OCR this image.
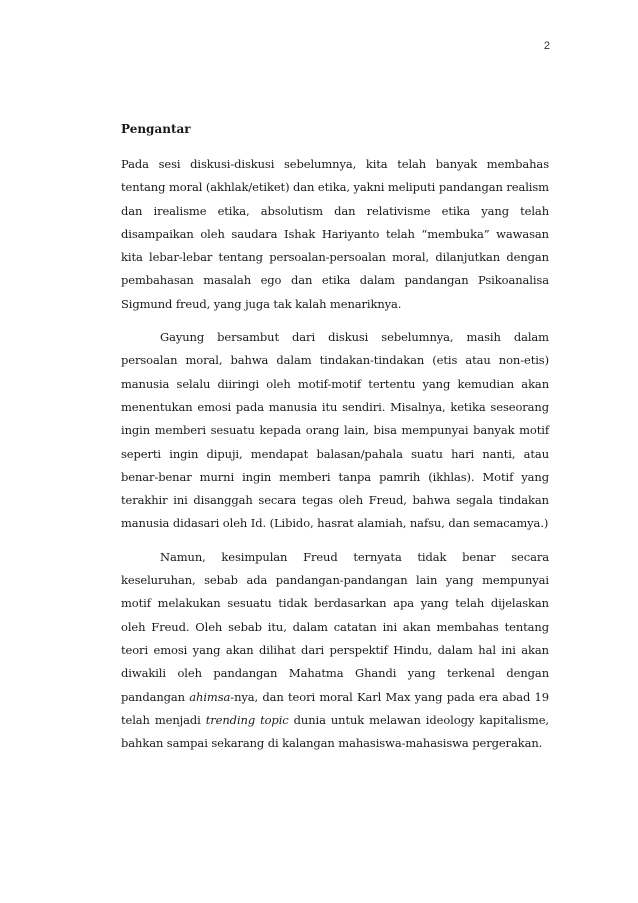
2
Pengantar

Pada sesi diskusi-diskusi sebelumnya, kita telah banyak membahas tentang moral (akhlak/etiket) dan etika, yakni meliputi pandangan realism dan irealisme etika, absolutism dan relativisme etika yang telah disampaikan oleh saudara Ishak Hariyanto telah “membuka” wawasan kita lebar-lebar tentang persoalan-persoalan moral, dilanjutkan dengan pembahasan masalah ego dan etika dalam pandangan Psikoanalisa Sigmund freud, yang juga tak kalah menariknya.

Gayung bersambut dari diskusi sebelumnya, masih dalam persoalan moral, bahwa dalam tindakan-tindakan (etis atau non-etis) manusia selalu diiringi oleh motif-motif tertentu yang kemudian akan menentukan emosi pada manusia itu sendiri. Misalnya, ketika seseorang ingin memberi sesuatu kepada orang lain, bisa mempunyai banyak motif seperti ingin dipuji, mendapat balasan/pahala suatu hari nanti, atau benar-benar murni ingin memberi tanpa pamrih (ikhlas). Motif yang terakhir ini disanggah secara tegas oleh Freud, bahwa segala tindakan manusia didasari oleh Id. (Libido, hasrat alamiah, nafsu, dan semacamya.)

Namun, kesimpulan Freud ternyata tidak benar secara keseluruhan, sebab ada pandangan-pandangan lain yang mempunyai motif melakukan sesuatu tidak berdasarkan apa yang telah dijelaskan oleh Freud. Oleh sebab itu, dalam catatan ini akan membahas tentang teori emosi yang akan dilihat dari perspektif Hindu, dalam hal ini akan diwakili oleh pandangan Mahatma Ghandi yang terkenal dengan pandangan ahimsa-nya, dan teori moral Karl Max yang pada era abad 19 telah menjadi trending topic dunia untuk melawan ideology kapitalisme, bahkan sampai sekarang di kalangan mahasiswa-mahasiswa pergerakan.
